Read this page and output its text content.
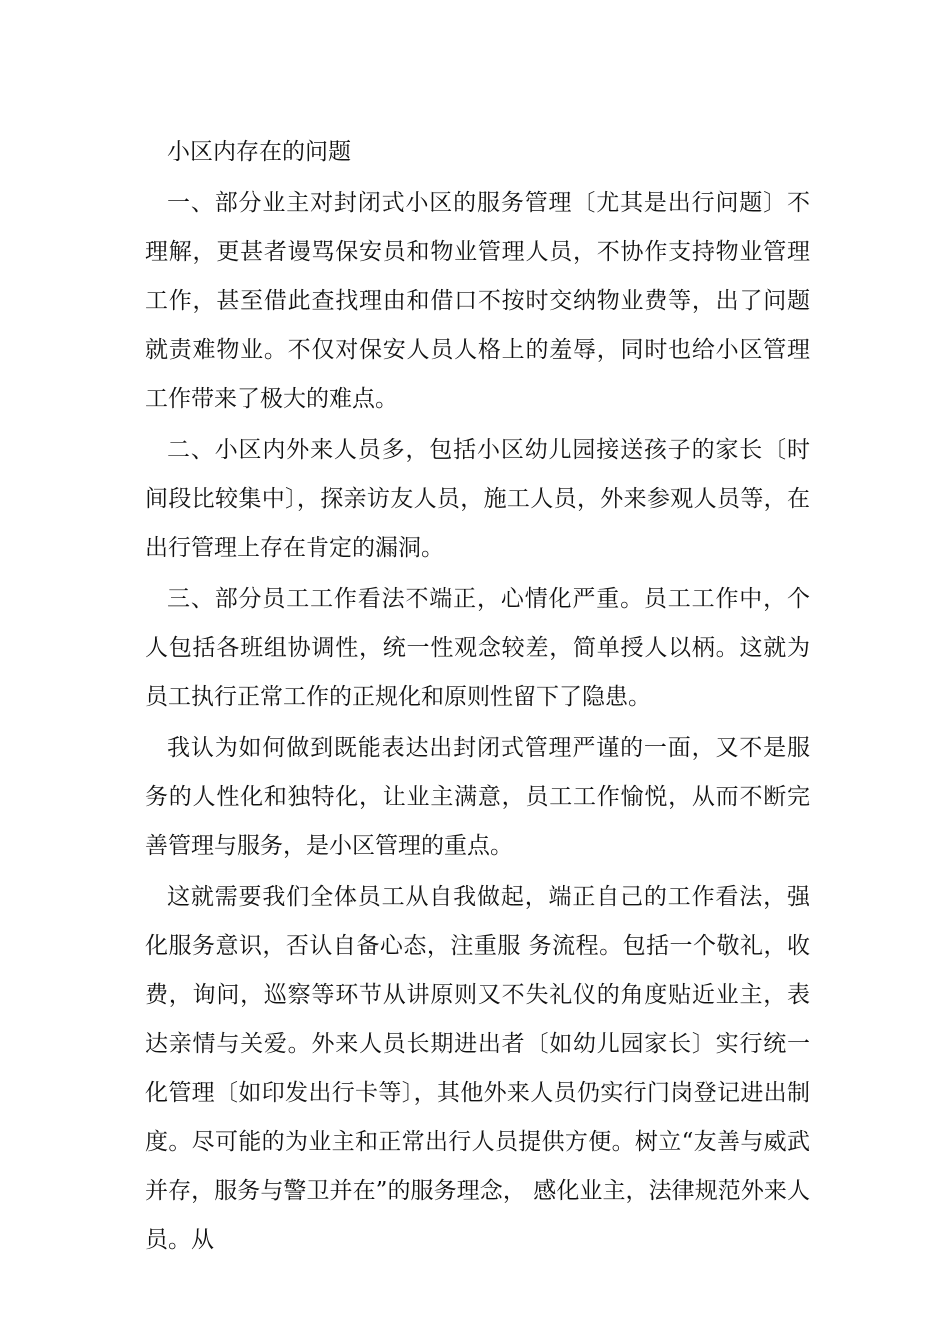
小区内存在的问题

一、部分业主对封闭式小区的服务管理〔尤其是出行问题〕不理解，更甚者谩骂保安员和物业管理人员，不协作支持物业管理工作，甚至借此查找理由和借口不按时交纳物业费等，出了问题就责难物业。不仅对保安人员人格上的羞辱，同时也给小区管理工作带来了极大的难点。

二、小区内外来人员多，包括小区幼儿园接送孩子的家长〔时间段比较集中〕，探亲访友人员，施工人员，外来参观人员等，在出行管理上存在肯定的漏洞。

三、部分员工工作看法不端正，心情化严重。员工工作中，个人包括各班组协调性，统一性观念较差，简单授人以柄。这就为员工执行正常工作的正规化和原则性留下了隐患。

我认为如何做到既能表达出封闭式管理严谨的一面，又不是服务的人性化和独特化，让业主满意，员工工作愉悦，从而不断完善管理与服务，是小区管理的重点。

这就需要我们全体员工从自我做起，端正自己的工作看法，强化服务意识，否认自备心态，注重服 务流程。包括一个敬礼，收费，询问，巡察等环节从讲原则又不失礼仪的角度贴近业主，表达亲情与关爱。外来人员长期进出者〔如幼儿园家长〕实行统一化管理〔如印发出行卡等〕，其他外来人员仍实行门岗登记进出制度。尽可能的为业主和正常出行人员提供方便。树立“友善与威武并存，服务与警卫并在”的服务理念， 感化业主，法律规范外来人员。从
